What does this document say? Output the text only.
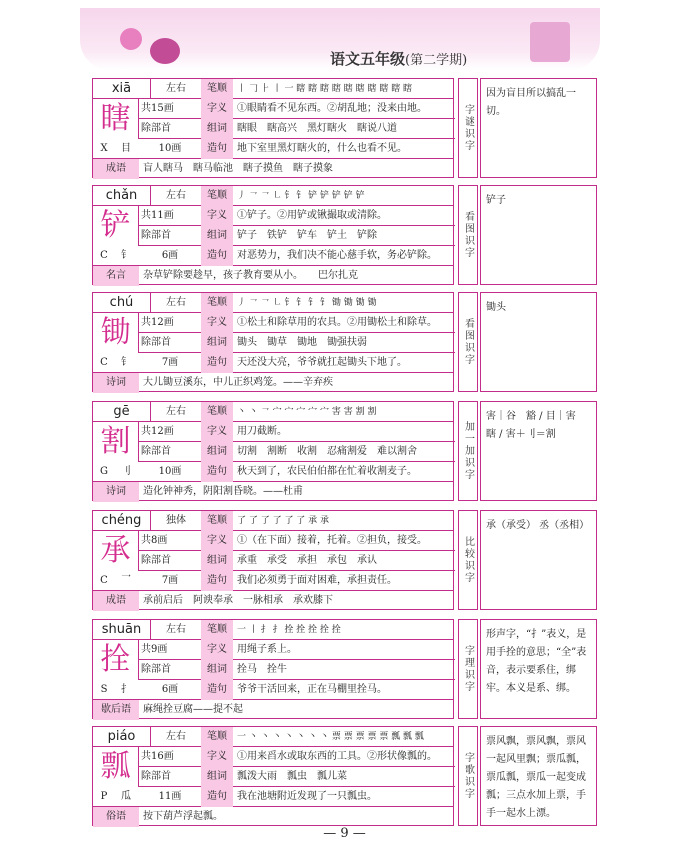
语文五年级(第二学期)
xiā	左右	笔顺	丨 𠃌 ⺊ 丨 一 瞎 瞎 瞎 瞎 瞎 瞎 瞎 瞎 瞎 瞎
瞎	共15画	字义	①眼睛看不见东西。②胡乱地；没来由地。
除部首	组词	瞎眼　瞎高兴　黑灯瞎火　瞎说八道
X	目	10画	造句	地下室里黑灯瞎火的，什么也看不见。
成语	盲人瞎马　瞎马临池　瞎子摸鱼　瞎子摸象
字谜识字
因为盲目所以搞乱一切。
chǎn	左右	笔顺	丿 ㇖ ㇖ ㇗ 钅 钅 铲 铲 铲 铲 铲
铲	共11画	字义	①铲子。②用铲或锹撮取或清除。
除部首	组词	铲子　铁铲　铲车　铲土　铲除
C	钅	6画	造句	对恶势力，我们决不能心慈手软，务必铲除。
名言	杂草铲除要趁早，孩子教育要从小。　　巴尔扎克
看图识字
铲子
chú	左右	笔顺	丿 ㇖ ㇖ ㇗ 钅 钅 钅 钅 锄 锄 锄 锄
锄	共12画	字义	①松土和除草用的农具。②用锄松土和除草。
除部首	组词	锄头　锄草　锄地　锄强扶弱
C	钅	7画	造句	天还没大亮，爷爷就扛起锄头下地了。
诗词	大儿锄豆溪东，中儿正织鸡笼。——辛弃疾
看图识字
锄头
gē	左右	笔顺	丶 丶 ㇖ 宀 宀 宀 宀 宀 害 害 割 割
割	共12画	字义	用刀截断。
除部首	组词	切割　割断　收割　忍痛割爱　难以割舍
G	刂	10画	造句	秋天到了，农民伯伯都在忙着收割麦子。
诗词	造化钟神秀，阴阳割昏晓。——杜甫
加一加识字
害｜谷　豁 / 目｜害　瞎 / 害＋刂＝割
chéng	独体	笔顺	了 了 了 了 了 了 承 承
承	共8画	字义	①（在下面）接着，托着。②担负，接受。
除部首	组词	承重　承受　承担　承包　承认
C	乛	7画	造句	我们必须勇于面对困难，承担责任。
成语	承前启后　阿谀奉承　一脉相承　承欢膝下
比较识字
承（承受） 丞（丞相）
shuān	左右	笔顺	一 丨 扌 扌 拴 拴 拴 拴 拴
拴	共9画	字义	用绳子系上。
除部首	组词	拴马　拴牛
S	扌	6画	造句	爷爷干活回来，正在马棚里拴马。
歇后语	麻绳拴豆腐——提不起
字理识字
形声字，“扌”表义，是用手拴的意思；“全”表音，表示要系住，绑牢。本义是系、绑。
piáo	左右	笔顺	一 丶 丶 丶 丶 丶 丶 丶 票 票 票 票 票 瓢 瓢 瓢
瓢	共16画	字义	①用来舀水或取东西的工具。②形状像瓢的。
除部首	组词	瓢泼大雨　瓢虫　瓢儿菜
P	瓜	11画	造句	我在池塘附近发现了一只瓢虫。
俗语	按下葫芦浮起瓢。
字歌识字
票风飘，票风飘，票风一起风里飘；票瓜瓢，票瓜瓢，票瓜一起变成瓢；三点水加上票，手手一起水上漂。
— 9 —
